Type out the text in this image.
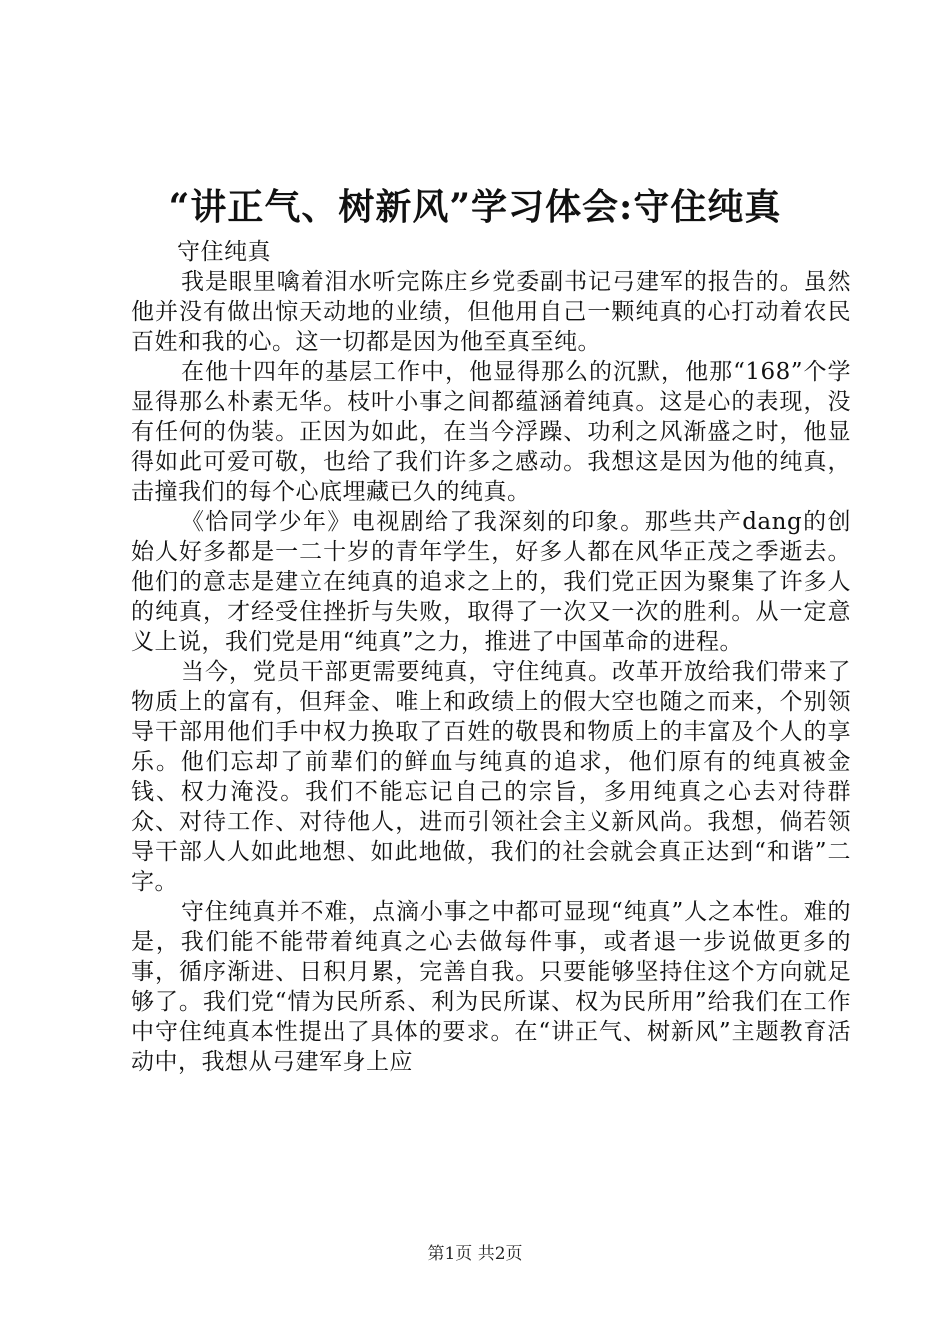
“讲正气、树新风”学习体会:守住纯真

守住纯真

我是眼里噙着泪水听完陈庄乡党委副书记弓建军的报告的。虽然他并没有做出惊天动地的业绩，但他用自己一颗纯真的心打动着农民百姓和我的心。这一切都是因为他至真至纯。

在他十四年的基层工作中，他显得那么的沉默，他那“168”个学显得那么朴素无华。枝叶小事之间都蕴涵着纯真。这是心的表现，没有任何的伪装。正因为如此，在当今浮躁、功利之风渐盛之时，他显得如此可爱可敬，也给了我们许多之感动。我想这是因为他的纯真，击撞我们的每个心底埋藏已久的纯真。

《恰同学少年》电视剧给了我深刻的印象。那些共产dang的创始人好多都是一二十岁的青年学生，好多人都在风华正茂之季逝去。他们的意志是建立在纯真的追求之上的，我们党正因为聚集了许多人的纯真，才经受住挫折与失败，取得了一次又一次的胜利。从一定意义上说，我们党是用“纯真”之力，推进了中国革命的进程。

当今，党员干部更需要纯真，守住纯真。改革开放给我们带来了物质上的富有，但拜金、唯上和政绩上的假大空也随之而来，个别领导干部用他们手中权力换取了百姓的敬畏和物质上的丰富及个人的享乐。他们忘却了前辈们的鲜血与纯真的追求，他们原有的纯真被金钱、权力淹没。我们不能忘记自己的宗旨，多用纯真之心去对待群众、对待工作、对待他人，进而引领社会主义新风尚。我想，倘若领导干部人人如此地想、如此地做，我们的社会就会真正达到“和谐”二字。

守住纯真并不难，点滴小事之中都可显现“纯真”人之本性。难的是，我们能不能带着纯真之心去做每件事，或者退一步说做更多的事，循序渐进、日积月累，完善自我。只要能够坚持住这个方向就足够了。我们党“情为民所系、利为民所谋、权为民所用”给我们在工作中守住纯真本性提出了具体的要求。在“讲正气、树新风”主题教育活动中，我想从弓建军身上应

第1页 共2页
